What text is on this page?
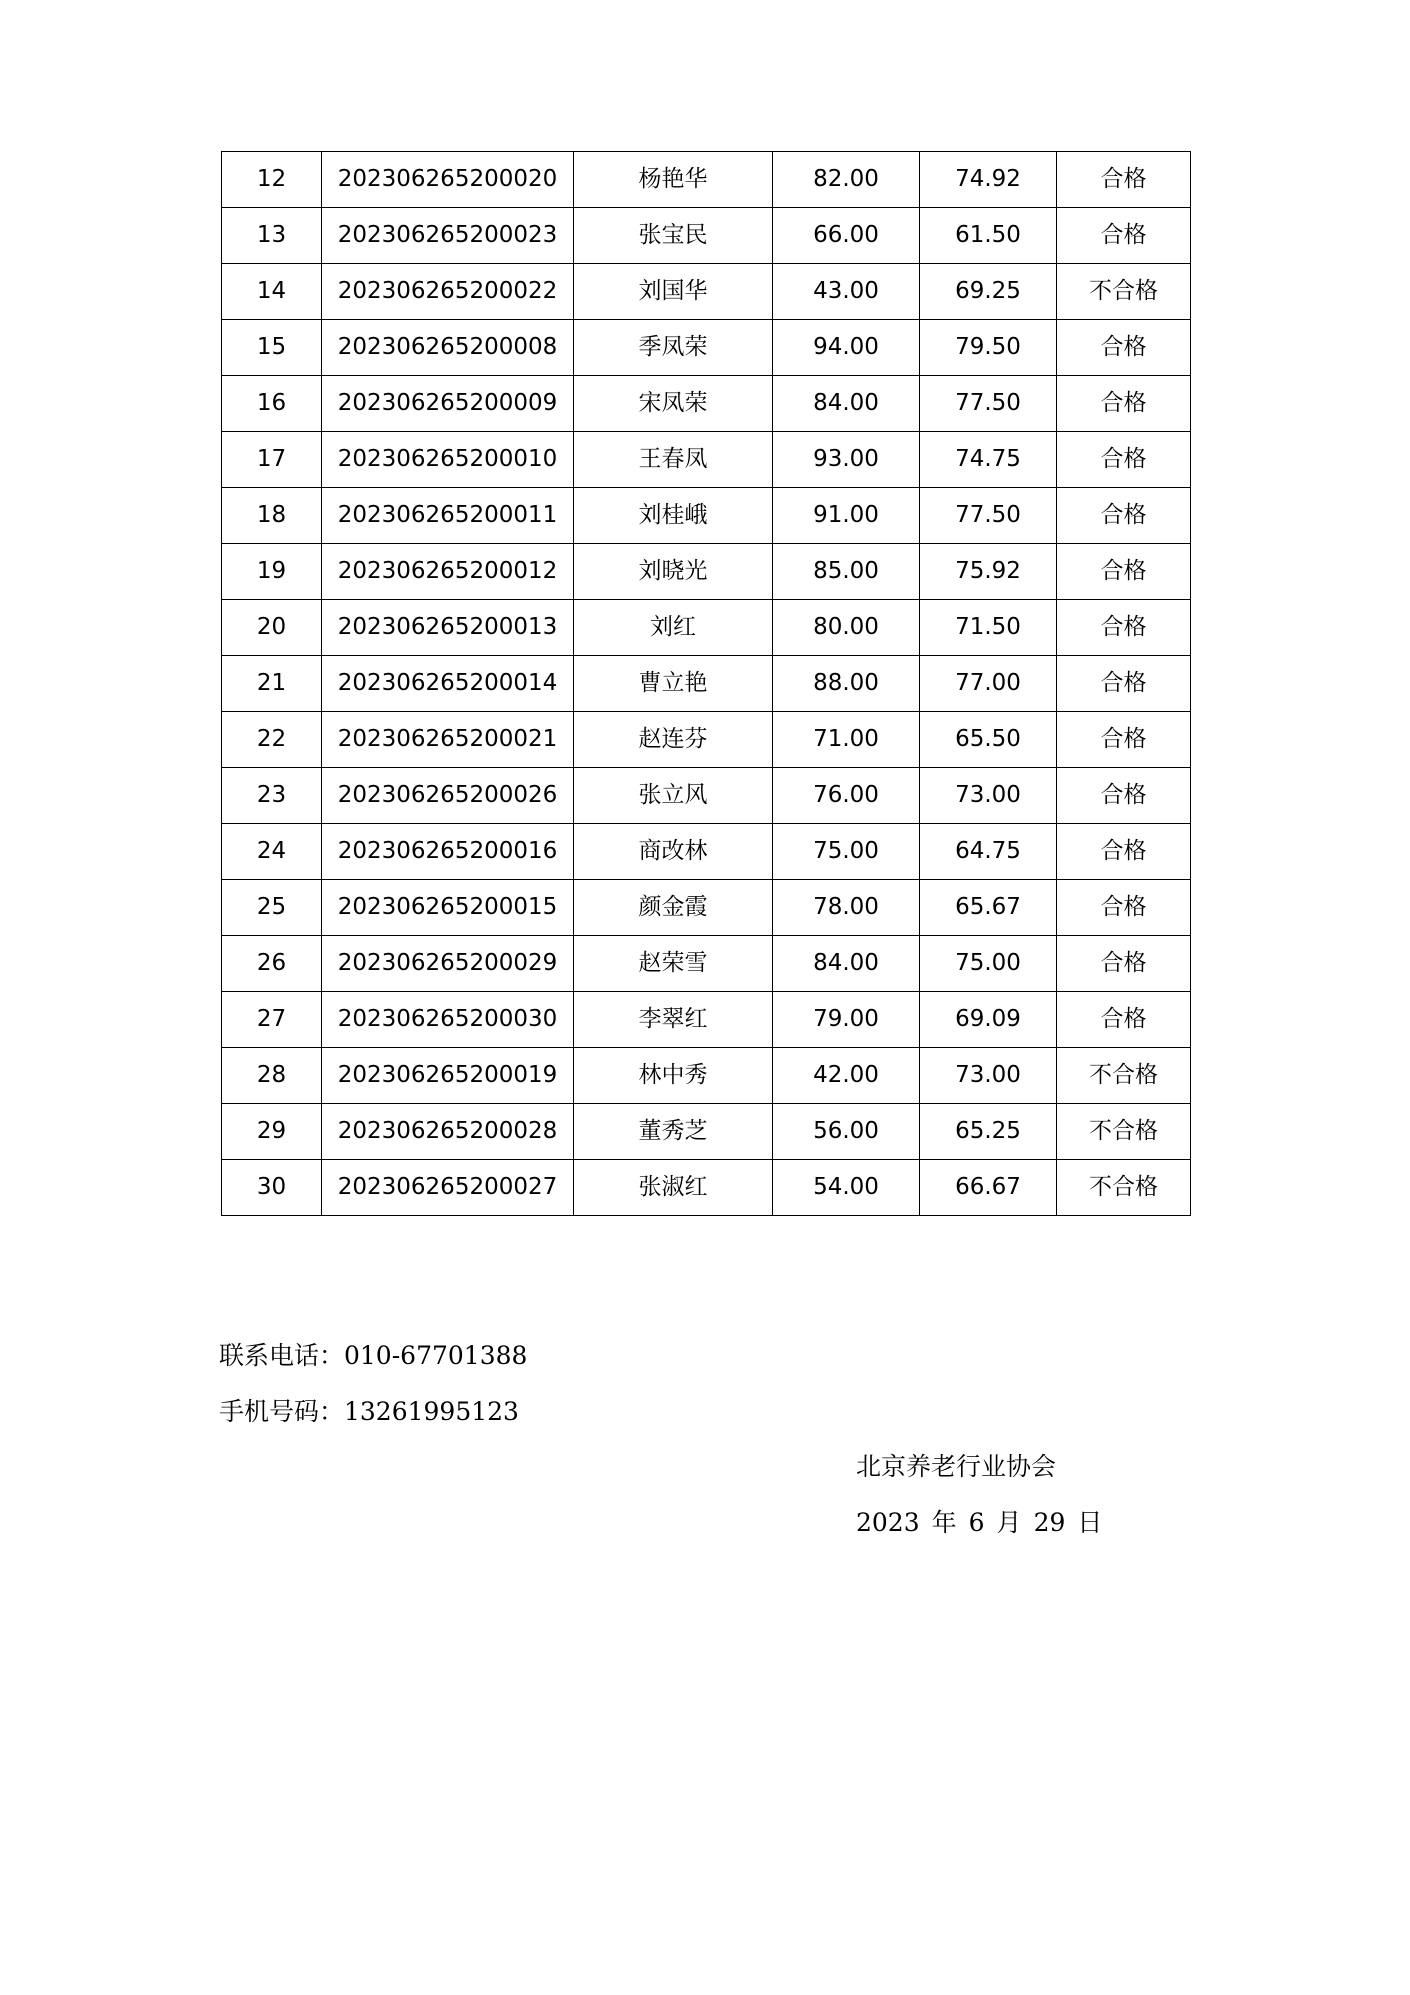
12	202306265200020	杨艳华	82.00	74.92	合格
13	202306265200023	张宝民	66.00	61.50	合格
14	202306265200022	刘国华	43.00	69.25	不合格
15	202306265200008	季凤荣	94.00	79.50	合格
16	202306265200009	宋凤荣	84.00	77.50	合格
17	202306265200010	王春凤	93.00	74.75	合格
18	202306265200011	刘桂峨	91.00	77.50	合格
19	202306265200012	刘晓光	85.00	75.92	合格
20	202306265200013	刘红	80.00	71.50	合格
21	202306265200014	曹立艳	88.00	77.00	合格
22	202306265200021	赵连芬	71.00	65.50	合格
23	202306265200026	张立风	76.00	73.00	合格
24	202306265200016	商改林	75.00	64.75	合格
25	202306265200015	颜金霞	78.00	65.67	合格
26	202306265200029	赵荣雪	84.00	75.00	合格
27	202306265200030	李翠红	79.00	69.09	合格
28	202306265200019	林中秀	42.00	73.00	不合格
29	202306265200028	董秀芝	56.00	65.25	不合格
30	202306265200027	张淑红	54.00	66.67	不合格
联系电话：010-67701388
手机号码：13261995123
北京养老行业协会
2023 年 6 月 29 日
